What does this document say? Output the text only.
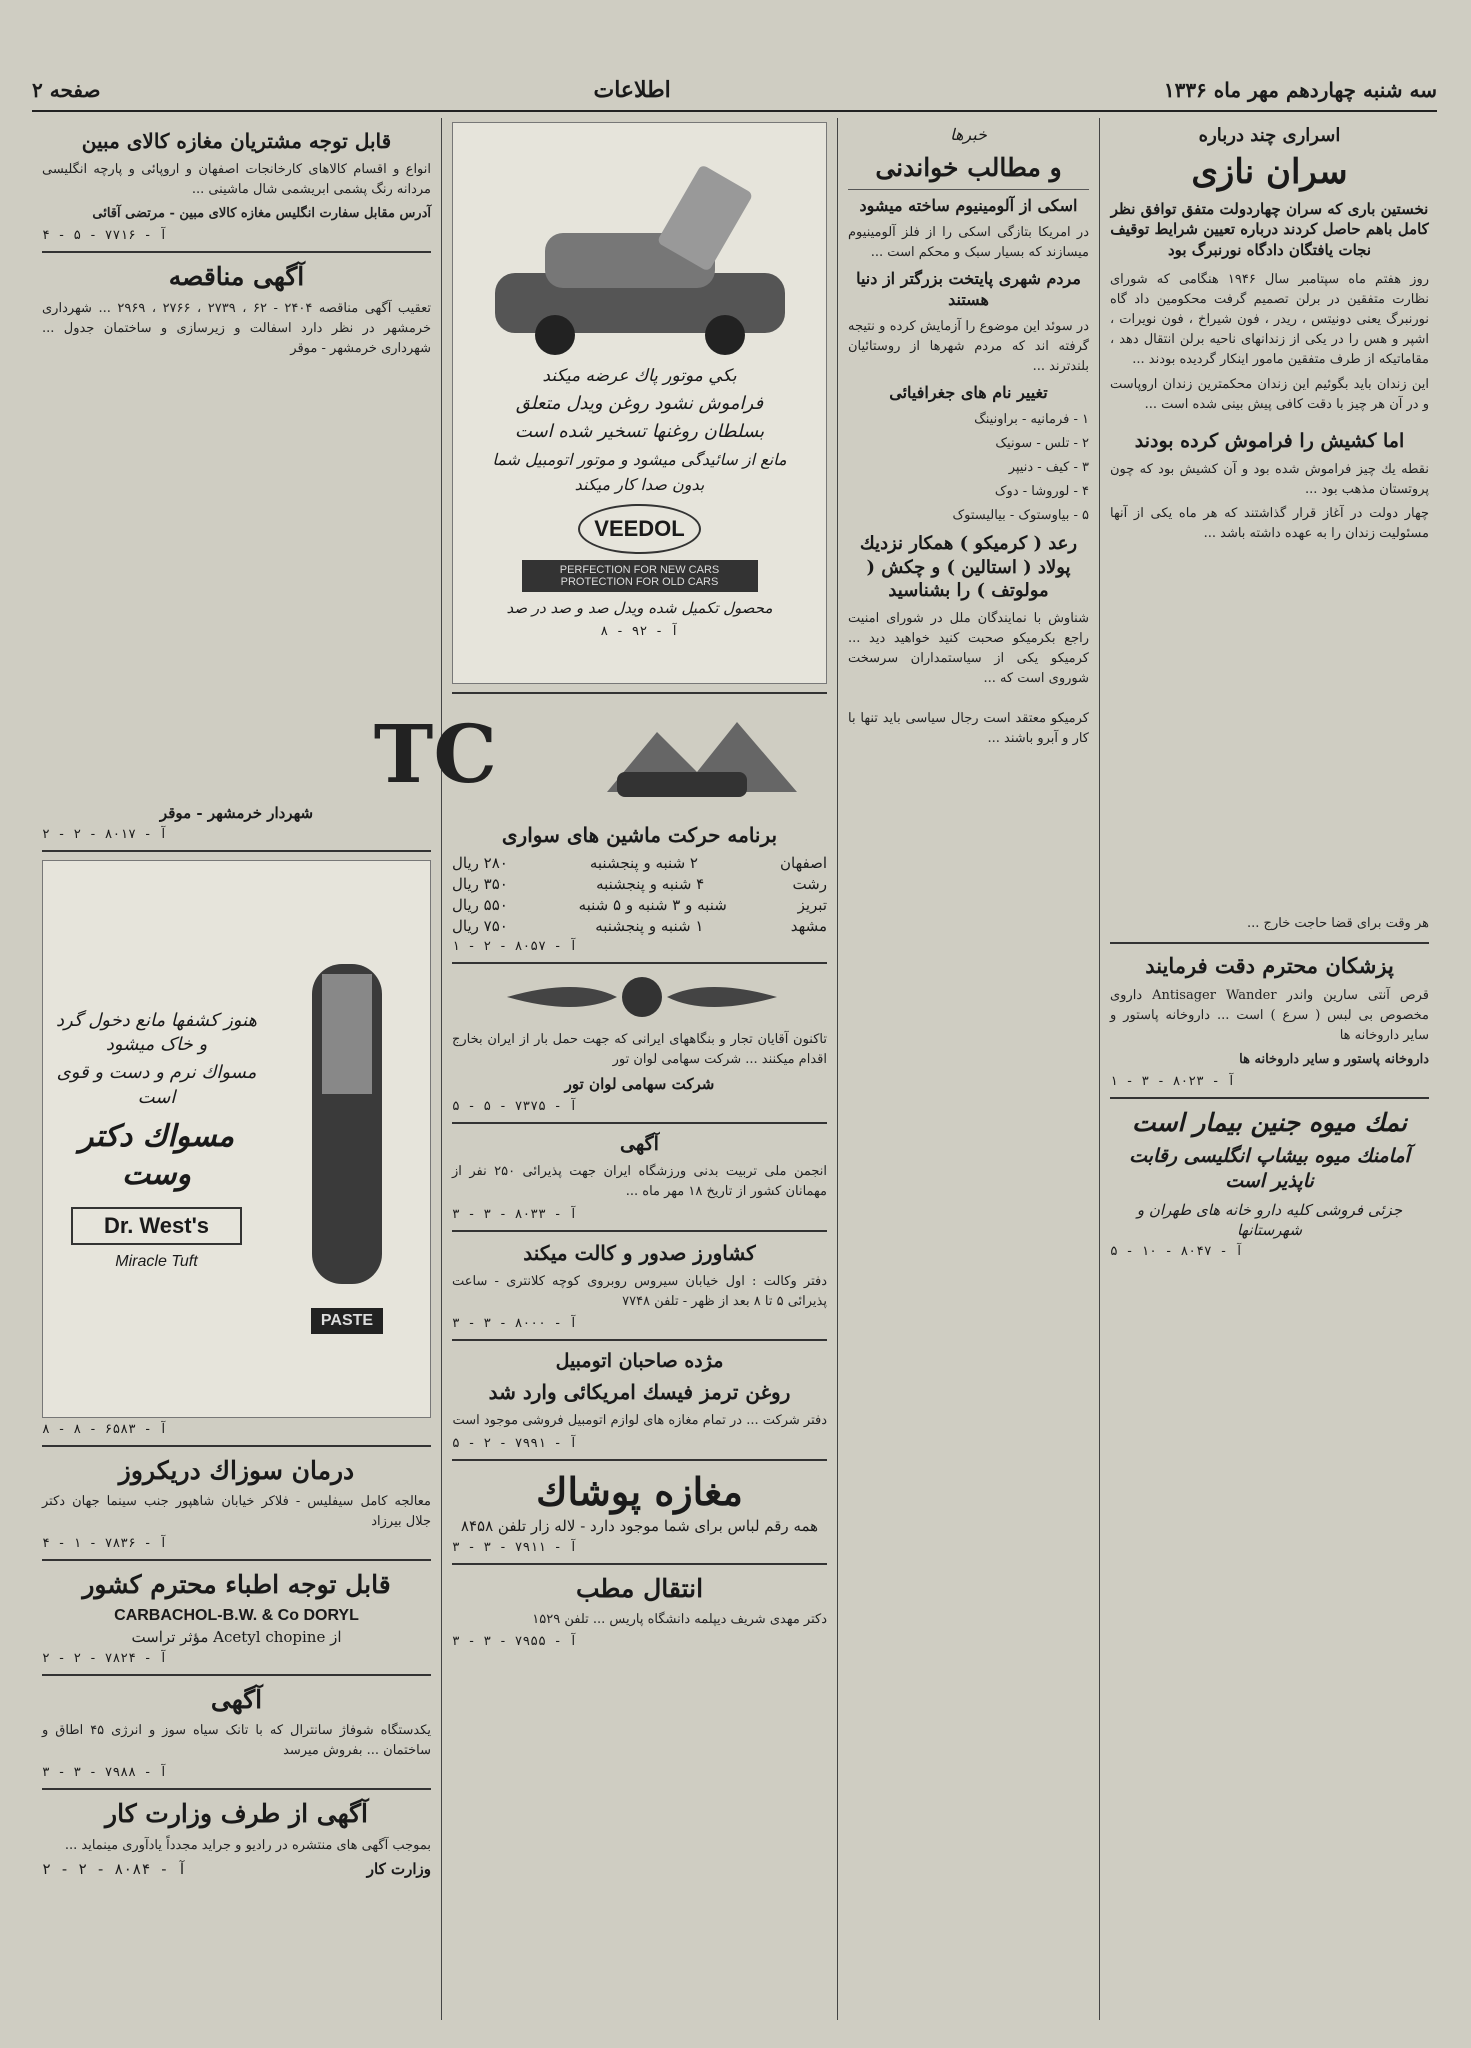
سه شنبه چهاردهم مهر ماه ۱۳۳۶
اطلاعات
صفحه ۲
اسرارى چند درباره
سران نازی
نخستین بارى که سران چهاردولت متفق توافق نظر كامل باهم حاصل کردند درباره تعیین شرایط توقیف نجات یافتگان دادگاه نورنبرگ بود
روز هفتم ماه سپتامبر سال ۱۹۴۶ هنگامی که شوراى نظارت متفقين در برلن تصميم گرفت محکومين داد گاه نورنبرگ يعنى دونيتس ، ريدر ، فون شيراخ ، فون نويرات ، اشپر و هس را در يكى از زندانهاى ناحيه برلن انتقال دهد ، مقاماتيكه از طرف متفقين مامور اينكار گرديده بودند ...
اين زندان بايد بگوئيم اين زندان محكمترين زندان اروپاست و در آن هر چيز با دقت كافى پيش بينى شده است ...
اما كشيش را فراموش كرده بودند
نقطه يك چيز فراموش شده بود و آن كشيش بود كه چون پروتستان مذهب بود ...
چهار دولت در آغاز قرار گذاشتند كه هر ماه يكى از آنها مسئوليت زندان را به عهده داشته باشد ...
هر وقت براى قضا حاجت خارج ...
پزشکان محترم دقت فرمایند
قرص آنتی سارین واندر Antisager Wander داروی مخصوص بی لبس ( سرع ) است ... داروخانه پاستور و سایر داروخانه ها
داروخانه پاستور و سایر داروخانه ها
آ - ۸۰۲۳ - ۳ - ۱
نمك ميوه جنين بيمار است
آمامنك ميوه بيشاپ انگليسى رقابت ناپذير است
جزئی فروشی كليه دارو خانه های طهران و شهرستانها
آ - ۸۰۴۷ - ۱۰ - ۵
خبرها
و مطالب خواندنی
اسکی از آلومینیوم ساخته میشود
در امریکا بتازگی اسکی را از فلز آلومینیوم میسازند که بسیار سبک و محکم است ...
مردم شهری پایتخت بزرگتر از دنیا هستند
در سوئد این موضوع را آزمایش کرده و نتیجه گرفته اند که مردم شهرها از روستائيان بلندترند ...
تغییر نام های جغرافیائی
۱ - فرمانیه - براونینگ
۲ - تلس - سونیک
۳ - کیف - دنیپر
۴ - لوروشا - دوک
۵ - بیاوستوک - بیالیستوک
رعد ( کرمیکو ) همکار نزدیك پولاد ( استالین ) و چکش ( مولوتف ) را بشناسید
شناوش با نمایندگان ملل در شورای امنیت راجع بکرمیکو صحبت کنید خواهید دید ... کرمیکو یکی از سیاستمداران سرسخت شوروی است كه ...
کرمیکو معتقد است رجال سیاسی باید تنها با کار و آبرو باشند ...
بكي موتور پاك عرضه ميكند
فراموش نشود روغن ويدل متعلق
بسلطان روغنها تسخير شده است
مانع از سائيدگى ميشود و موتور اتومبيل شما
بدون صدا كار ميكند
VEEDOL
PERFECTION FOR NEW CARS PROTECTION FOR OLD CARS
محصول تكميل شده ويدل صد و صد در صد
آ - ۹۲ - ۸
TC
برنامه حرکت ماشین های سواری
اصفهان
۲ شنبه و پنجشنبه
۲۸۰ ريال
رشت
۴ شنبه و پنجشنبه
۳۵۰ ريال
تبریز
شنبه و ۳ شنبه و ۵ شنبه
۵۵۰ ريال
مشهد
۱ شنبه و پنجشنبه
۷۵۰ ريال
آ - ۸۰۵۷ - ۲ - ۱
تاکنون آقایان تجار و بنگاههای ایرانی که جهت حمل بار از ایران بخارج اقدام میکنند ... شرکت سهامی لوان تور
شرکت سهامی لوان تور
آ - ۷۳۷۵ - ۵ - ۵
آگهی
انجمن ملی تربیت بدنی ورزشگاه ایران جهت پذیرائی ۲۵۰ نفر از مهمانان کشور از تاریخ ۱۸ مهر ماه ...
آ - ۸۰۳۳ - ۳ - ۳
کشاورز صدور و کالت میکند
دفتر وکالت : اول خیابان سیروس روبروی کوچه کلانتری - ساعت پذیرائی ۵ تا ۸ بعد از ظهر - تلفن ۷۷۴۸
آ - ۸۰۰۰ - ۳ - ۳
مژده صاحبان اتومبیل
روغن ترمز فیسك امریکائی وارد شد
دفتر شرکت ... در تمام مغازه های لوازم اتومبیل فروشی موجود است
آ - ۷۹۹۱ - ۲ - ۵
مغازه پوشاك
همه رقم لباس برای شما موجود دارد - لاله زار تلفن ۸۴۵۸
آ - ۷۹۱۱ - ۳ - ۳
انتقال مطب
دکتر مهدی شریف دیپلمه دانشگاه پاریس ... تلفن ۱۵۲۹
آ - ۷۹۵۵ - ۳ - ۳
قابل توجه مشتریان مغازه كالای مبین
انواع و اقسام کالاهای کارخانجات اصفهان و اروپائی و پارچه انگلیسی مردانه رنگ پشمی ابریشمی شال ماشینی ...
آدرس مقابل سفارت انگلیس مغازه كالای مبین - مرتضی آقائی
آ - ۷۷۱۶ - ۵ - ۴
آگهی مناقصه
تعقیب آگهی مناقصه ۲۴۰۴ - ۶۲ ، ۲۷۳۹ ، ۲۷۶۶ ، ۲۹۶۹ ... شهرداری خرمشهر در نظر دارد اسفالت و زیرسازی و ساختمان جدول ... شهرداری خرمشهر - موقر
شهردار خرمشهر - موقر
آ - ۸۰۱۷ - ۲ - ۲
PASTE
هنوز کشفها مانع دخول گرد و خاک میشود
مسواك نرم و دست و قوی است
مسواك دکتر وست
Dr. West's
Miracle Tuft
آ - ۶۵۸۳ - ۸ - ۸
درمان سوزاك دریكروز
معالجه کامل سیفلیس - فلاکر خیابان شاهپور جنب سینما جهان دکتر جلال بیرزاد
آ - ۷۸۳۶ - ۱ - ۴
قابل توجه اطباء محترم کشور
CARBACHOL-B.W. & Co DORYL
از Acetyl chopine مؤثر تراست
آ - ۷۸۲۴ - ۲ - ۲
آگهی
یکدستگاه شوفاژ سانترال که با تانک سیاه سوز و انرژی ۴۵ اطاق و ساختمان ... بفروش میرسد
آ - ۷۹۸۸ - ۳ - ۳
آگهی از طرف وزارت كار
بموجب آگهی های منتشره در رادیو و جراید مجدداً یادآوری مینماید ...
وزارت کار
آ - ۸۰۸۴ - ۲ - ۲
